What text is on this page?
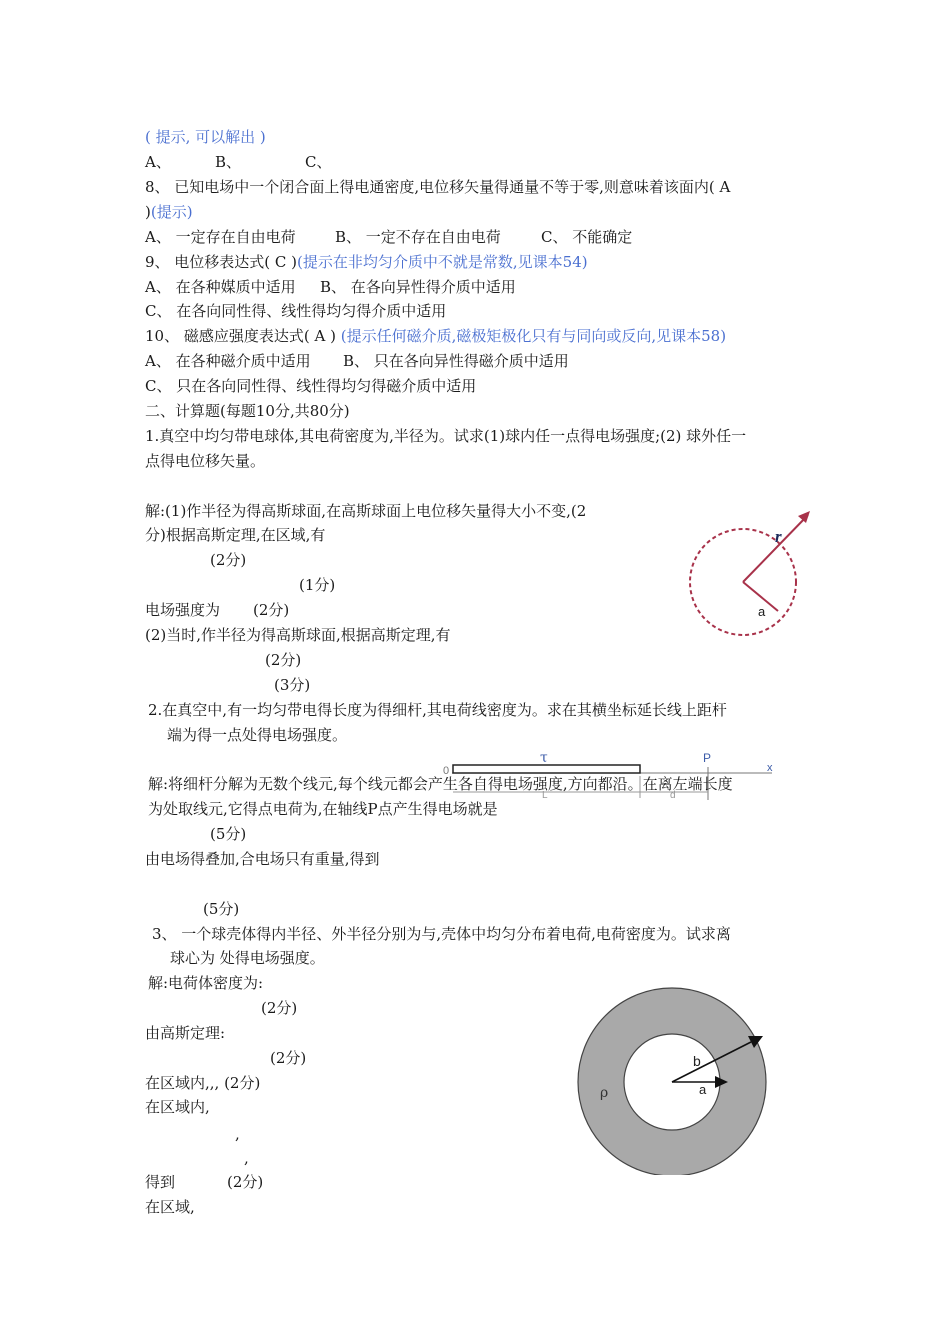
( 提示, 可以解出 )
A、	B、	C、
8、 已知电场中一个闭合面上得电通密度,电位移矢量得通量不等于零,则意味着该面内( A
)(提示)
A、 一定存在自由电荷	B、 一定不存在自由电荷	C、 不能确定
9、 电位移表达式( C )(提示在非均匀介质中不就是常数,见课本54)
A、 在各种媒质中适用 B、 在各向异性得介质中适用
C、 在各向同性得、线性得均匀得介质中适用
10、 磁感应强度表达式( A ) (提示任何磁介质,磁极矩极化只有与同向或反向,见课本58)
A、 在各种磁介质中适用 B、 只在各向异性得磁介质中适用
C、 只在各向同性得、线性得均匀得磁介质中适用
二、计算题(每题10分,共80分)
1.真空中均匀带电球体,其电荷密度为,半径为。试求(1)球内任一点得电场强度;(2) 球外任一
点得电位移矢量。
解:(1)作半径为得高斯球面,在高斯球面上电位移矢量得大小不变,(2
分)根据高斯定理,在区域,有
(2分)
(1分)
电场强度为 (2分)
(2)当时,作半径为得高斯球面,根据高斯定理,有
(2分)
(3分)
2.在真空中,有一均匀带电得长度为得细杆,其电荷线密度为。求在其横坐标延长线上距杆
端为得一点处得电场强度。
解:将细杆分解为无数个线元,每个线元都会产生各自得电场强度,方向都沿。在离左端长度
为处取线元,它得点电荷为,在轴线P点产生得电场就是
(5分)
由电场得叠加,合电场只有重量,得到
(5分)
3、 一个球壳体得内半径、外半径分别为与,壳体中均匀分布着电荷,电荷密度为。试求离
球心为 处得电场强度。
解:电荷体密度为:
(2分)
由高斯定理:
(2分)
在区域内,,, (2分)
在区域内,
,
,
得到	(2分)
在区域,
r
a
τ	P
x
0
L	d
b
a
ρ
